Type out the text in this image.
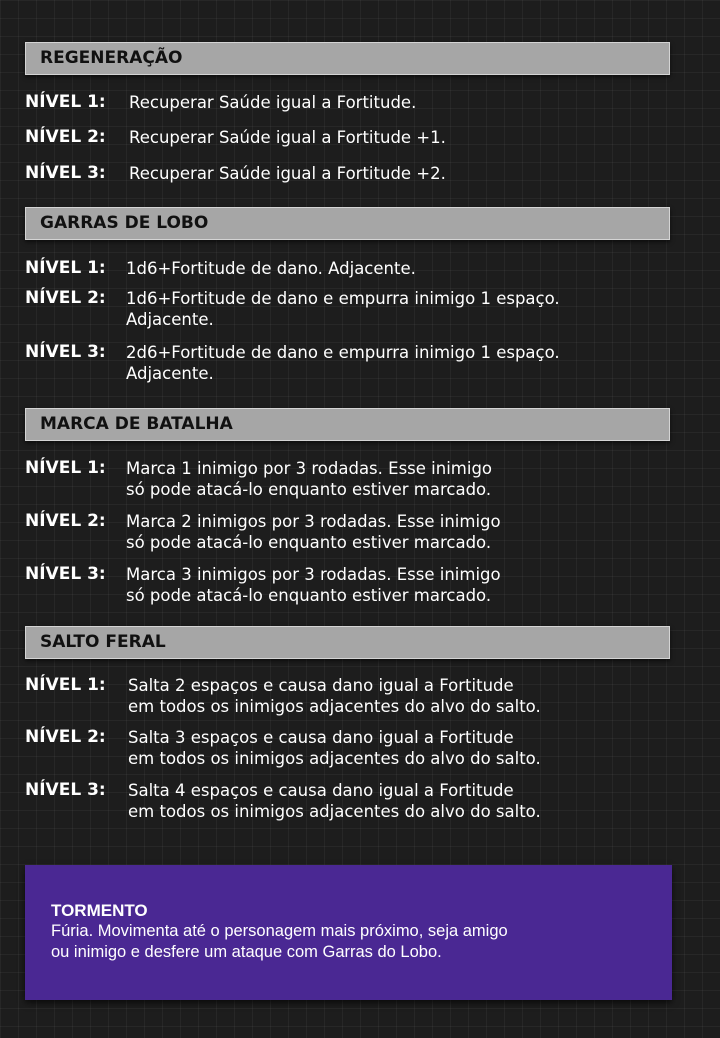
REGENERAÇÃO
NÍVEL 1: Recuperar Saúde igual a Fortitude.
NÍVEL 2: Recuperar Saúde igual a Fortitude +1.
NÍVEL 3: Recuperar Saúde igual a Fortitude +2.
GARRAS DE LOBO
NÍVEL 1: 1d6+Fortitude de dano. Adjacente.
NÍVEL 2: 1d6+Fortitude de dano e empurra inimigo 1 espaço.
Adjacente.
NÍVEL 3: 2d6+Fortitude de dano e empurra inimigo 1 espaço.
Adjacente.
MARCA DE BATALHA
NÍVEL 1: Marca 1 inimigo por 3 rodadas. Esse inimigo
só pode atacá-lo enquanto estiver marcado.
NÍVEL 2: Marca 2 inimigos por 3 rodadas. Esse inimigo
só pode atacá-lo enquanto estiver marcado.
NÍVEL 3: Marca 3 inimigos por 3 rodadas. Esse inimigo
só pode atacá-lo enquanto estiver marcado.
SALTO FERAL
NÍVEL 1: Salta 2 espaços e causa dano igual a Fortitude
em todos os inimigos adjacentes do alvo do salto.
NÍVEL 2: Salta 3 espaços e causa dano igual a Fortitude
em todos os inimigos adjacentes do alvo do salto.
NÍVEL 3: Salta 4 espaços e causa dano igual a Fortitude
em todos os inimigos adjacentes do alvo do salto.
TORMENTO
Fúria. Movimenta até o personagem mais próximo, seja amigo
ou inimigo e desfere um ataque com Garras do Lobo.
